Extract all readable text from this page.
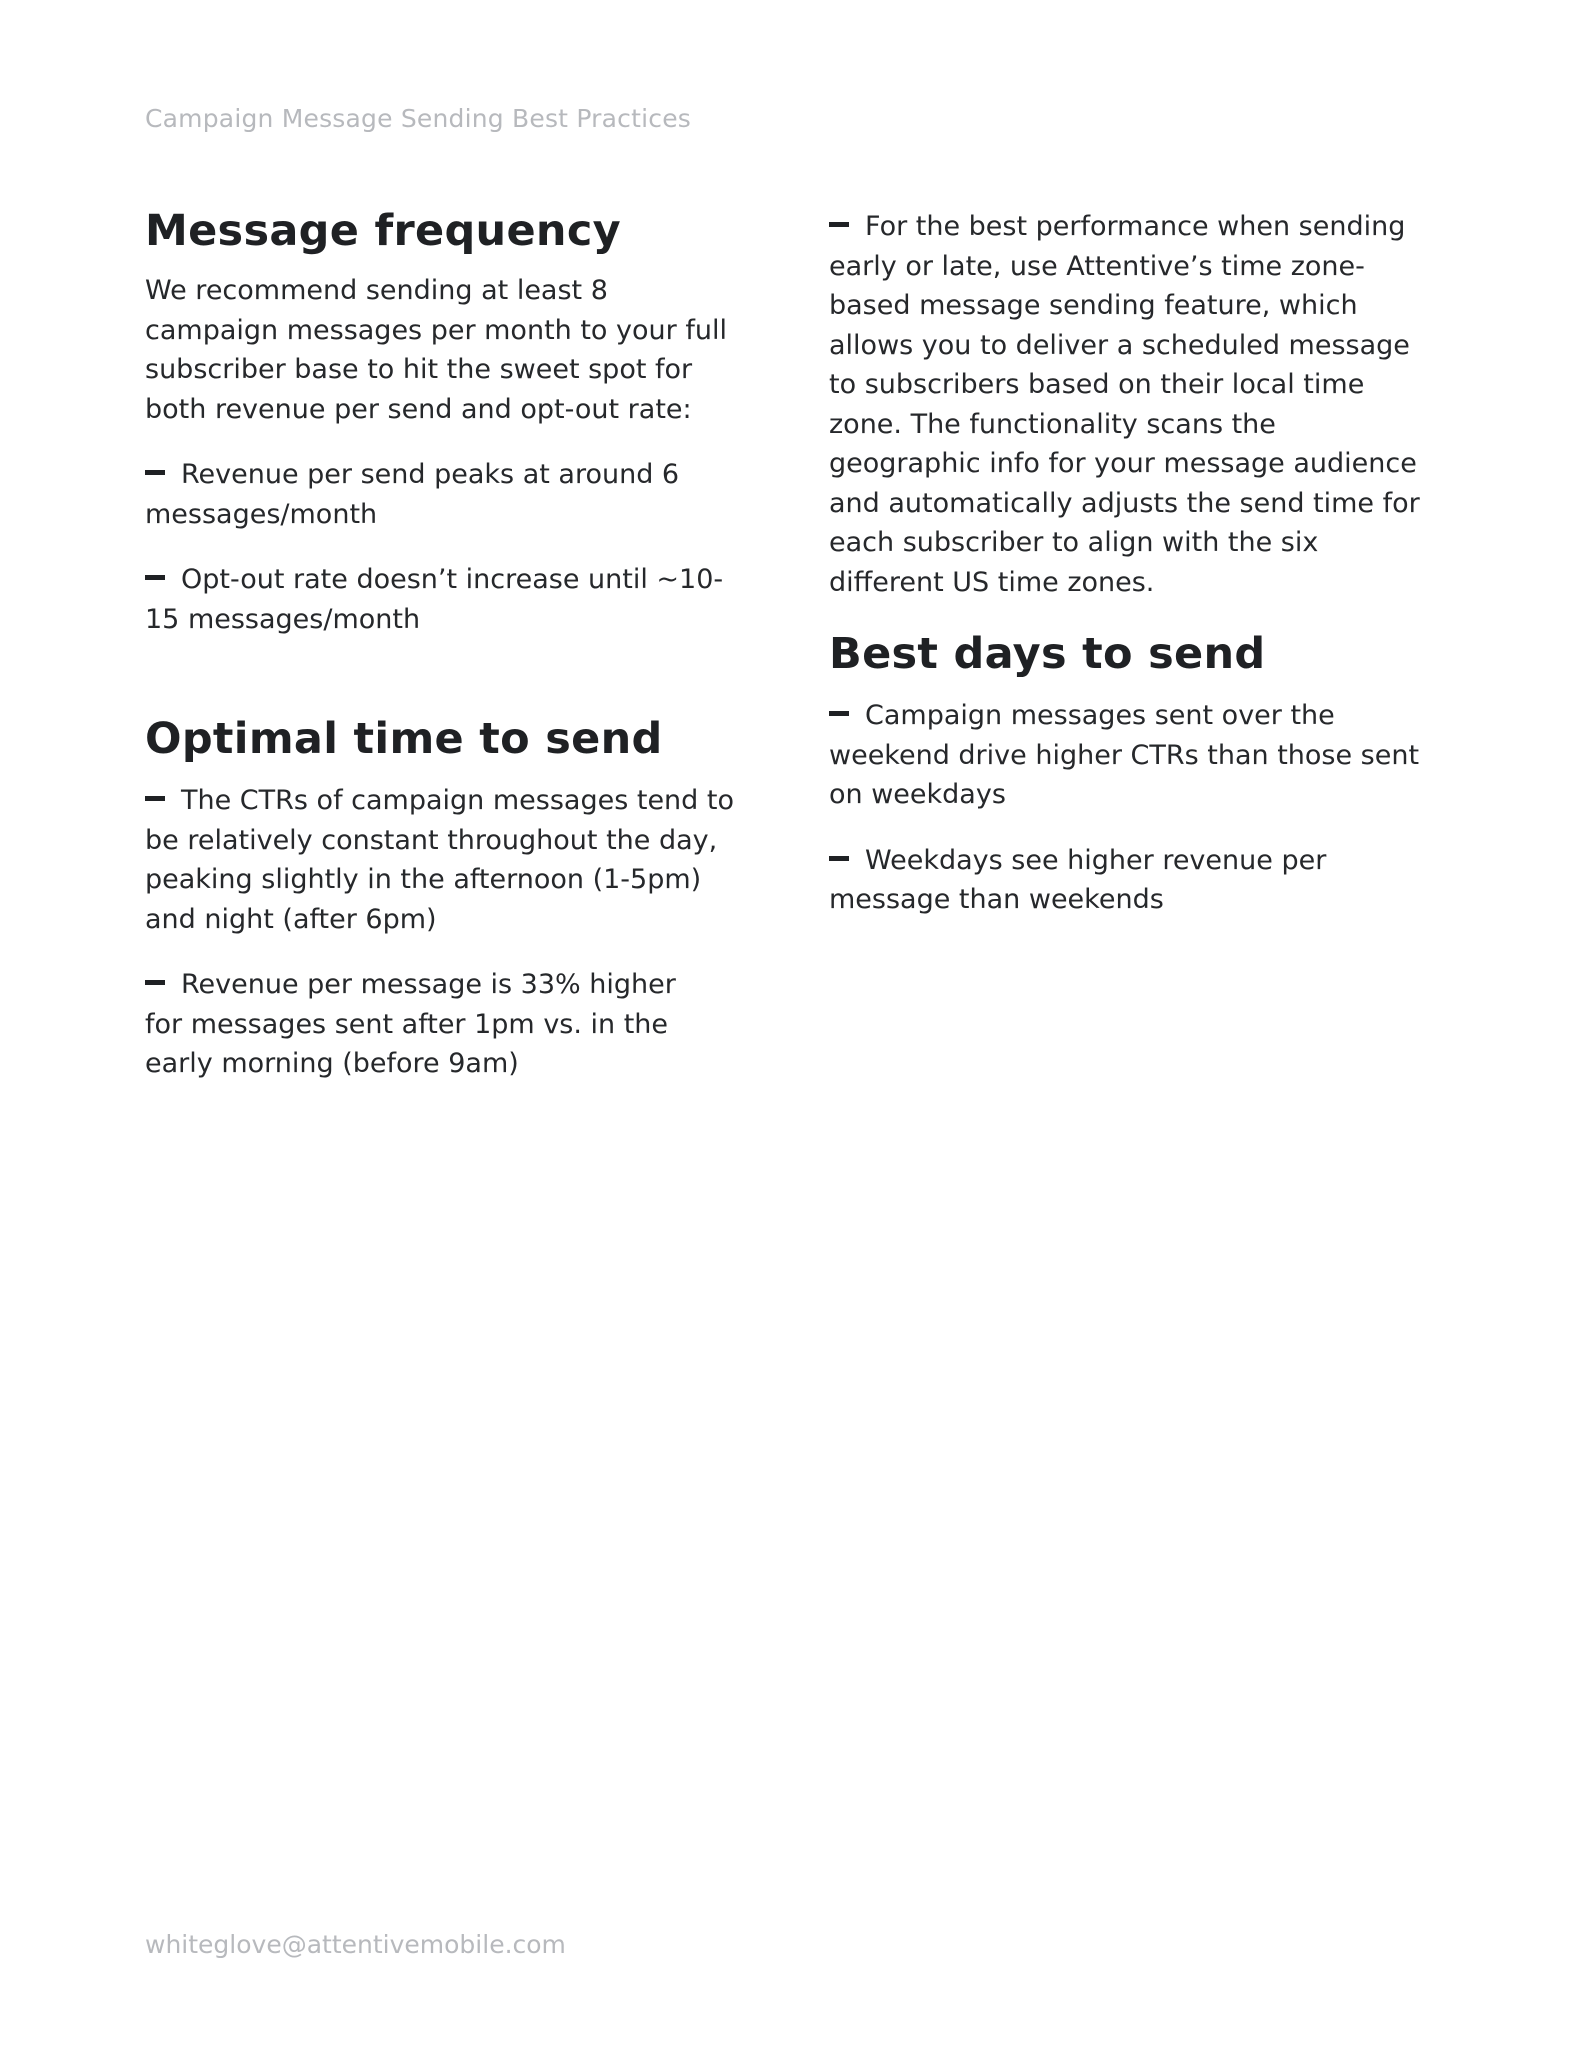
Campaign Message Sending Best Practices
Message frequency

We recommend sending at least 8 campaign messages per month to your full subscriber base to hit the sweet spot for both revenue per send and opt-out rate:

Revenue per send peaks at around 6 messages/month
Opt-out rate doesn’t increase until ~10-15 messages/month
Optimal time to send
The CTRs of campaign messages tend to be relatively constant throughout the day, peaking slightly in the afternoon (1-5pm) and night (after 6pm)
Revenue per message is 33% higher for messages sent after 1pm vs. in the early morning (before 9am)
For the best performance when sending early or late, use Attentive’s time zone-based message sending feature, which allows you to deliver a scheduled message to subscribers based on their local time zone. The functionality scans the geographic info for your message audience and automatically adjusts the send time for each subscriber to align with the six different US time zones.
Best days to send
Campaign messages sent over the weekend drive higher CTRs than those sent on weekdays
Weekdays see higher revenue per message than weekends
whiteglove@attentivemobile.com
